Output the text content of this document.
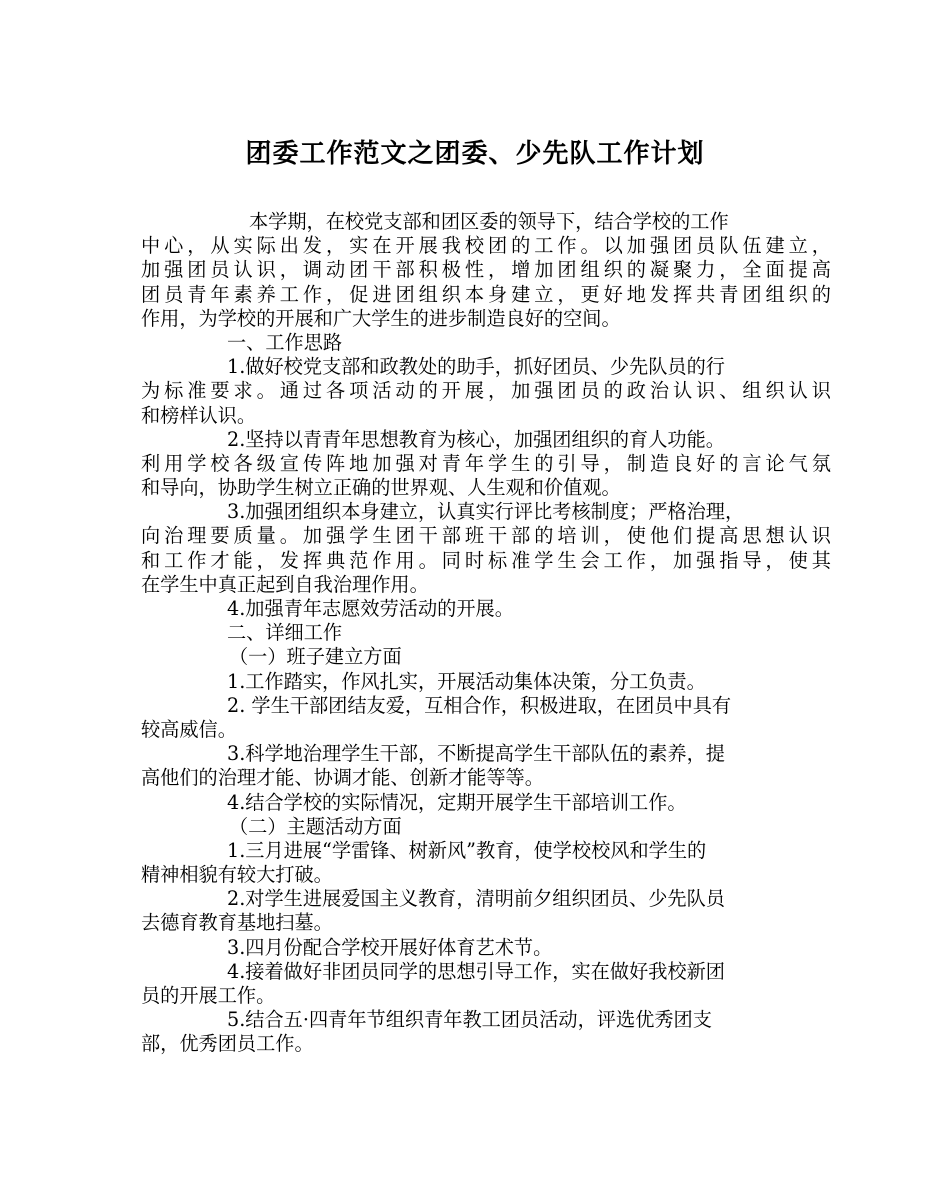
团委工作范文之团委、少先队工作计划
本学期，在校党支部和团区委的领导下，结合学校的工作
中心，从实际出发，实在开展我校团的工作。以加强团员队伍建立，
加强团员认识，调动团干部积极性，增加团组织的凝聚力，全面提高
团员青年素养工作，促进团组织本身建立，更好地发挥共青团组织的
作用，为学校的开展和广大学生的进步制造良好的空间。
一、工作思路
1.做好校党支部和政教处的助手，抓好团员、少先队员的行
为标准要求。通过各项活动的开展，加强团员的政治认识、组织认识
和榜样认识。
2.坚持以青青年思想教育为核心，加强团组织的育人功能。
利用学校各级宣传阵地加强对青年学生的引导，制造良好的言论气氛
和导向，协助学生树立正确的世界观、人生观和价值观。
3.加强团组织本身建立，认真实行评比考核制度；严格治理，
向治理要质量。加强学生团干部班干部的培训，使他们提高思想认识
和工作才能，发挥典范作用。同时标准学生会工作，加强指导，使其
在学生中真正起到自我治理作用。
4.加强青年志愿效劳活动的开展。
二、详细工作
（一）班子建立方面
1.工作踏实，作风扎实，开展活动集体决策，分工负责。
2. 学生干部团结友爱，互相合作，积极进取，在团员中具有
较高威信。
3.科学地治理学生干部，不断提高学生干部队伍的素养，提
高他们的治理才能、协调才能、创新才能等等。
4.结合学校的实际情况，定期开展学生干部培训工作。
（二）主题活动方面
1.三月进展“学雷锋、树新风”教育，使学校校风和学生的
精神相貌有较大打破。
2.对学生进展爱国主义教育，清明前夕组织团员、少先队员
去德育教育基地扫墓。
3.四月份配合学校开展好体育艺术节。
4.接着做好非团员同学的思想引导工作，实在做好我校新团
员的开展工作。
5.结合五·四青年节组织青年教工团员活动，评选优秀团支
部，优秀团员工作。
